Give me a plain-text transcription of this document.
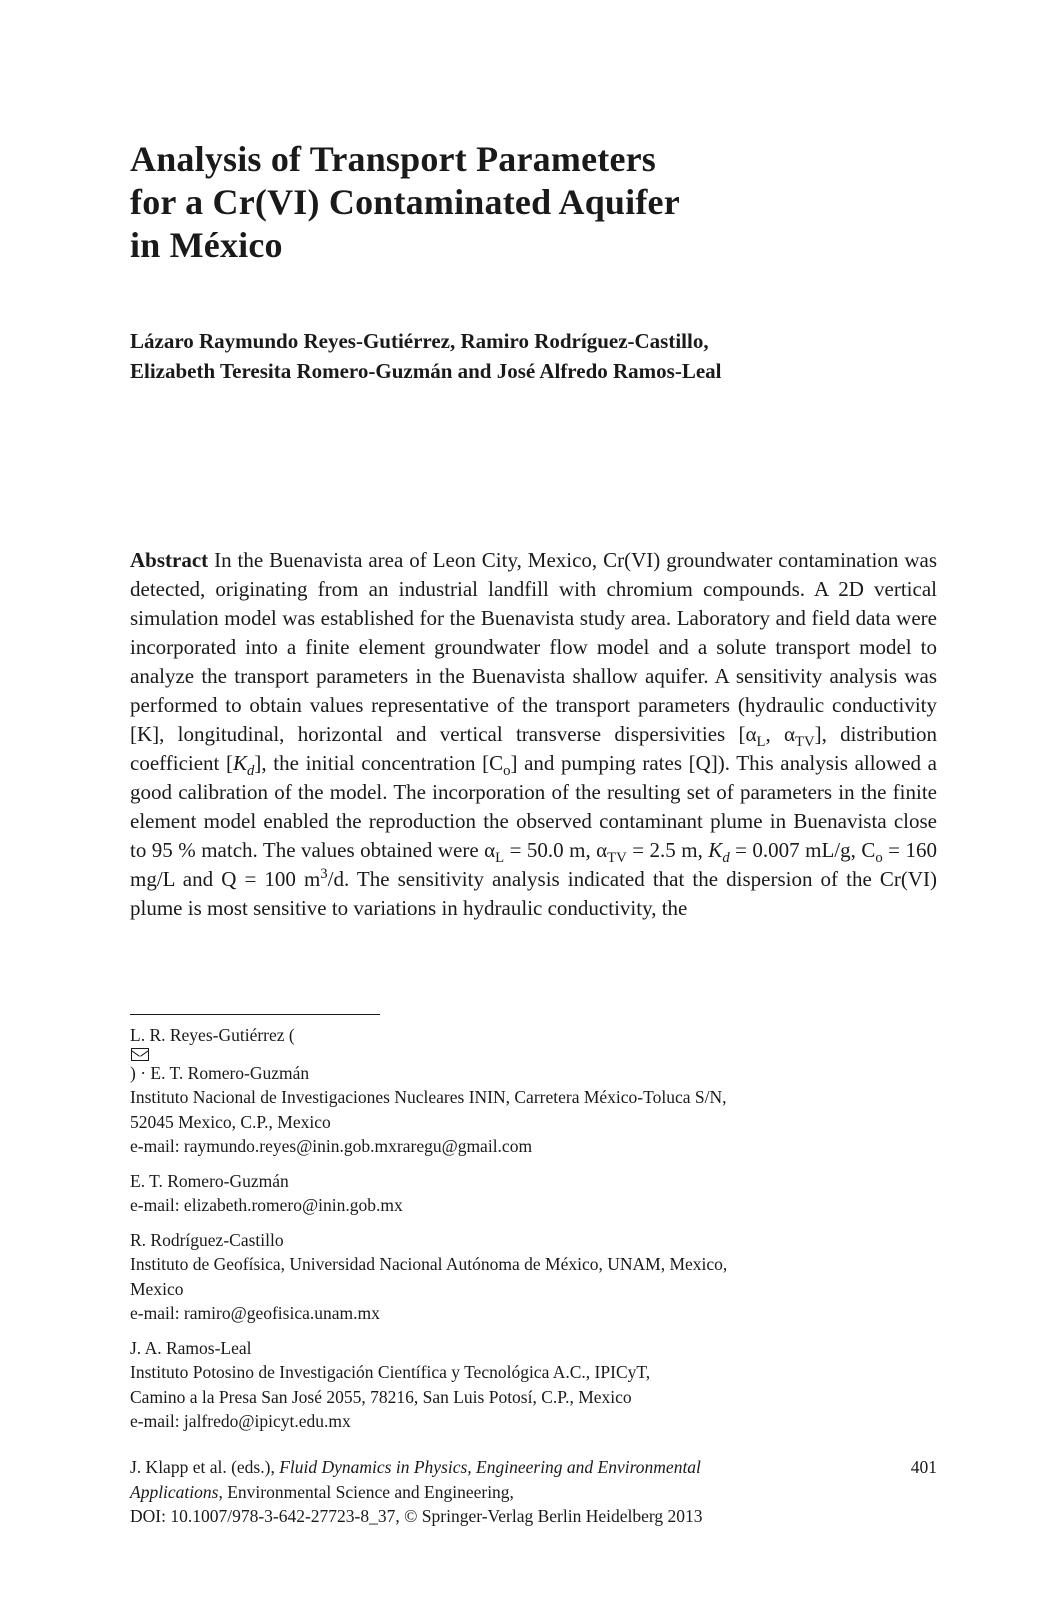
Analysis of Transport Parameters
for a Cr(VI) Contaminated Aquifer
in México

Lázaro Raymundo Reyes-Gutiérrez, Ramiro Rodríguez-Castillo,
Elizabeth Teresita Romero-Guzmán and José Alfredo Ramos-Leal

Abstract In the Buenavista area of Leon City, Mexico, Cr(VI) groundwater contamination was detected, originating from an industrial landfill with chromium compounds. A 2D vertical simulation model was established for the Buenavista study area. Laboratory and field data were incorporated into a finite element groundwater flow model and a solute transport model to analyze the transport parameters in the Buenavista shallow aquifer. A sensitivity analysis was performed to obtain values representative of the transport parameters (hydraulic conductivity [K], longitudinal, horizontal and vertical transverse dispersivities [$\alpha_L$, $\alpha_{TV}$], distribution coefficient $[K_d]$, the initial concentration $[C_o]$ and pumping rates [Q]). This analysis allowed a good calibration of the model. The incorporation of the resulting set of parameters in the finite element model enabled the reproduction the observed contaminant plume in Buenavista close to 95 % match. The values obtained were $\alpha_L = 50.0$ m, $\alpha_{TV} = 2.5$ m, $K_d = 0.007$ mL/g, $C_o = 160$ mg/L and Q = 100 $m^3/d$. The sensitivity analysis indicated that the dispersion of the Cr(VI) plume is most sensitive to variations in hydraulic conductivity, the

L. R. Reyes-Gutiérrez (
) · E. T. Romero-Guzmán
Instituto Nacional de Investigaciones Nucleares ININ, Carretera México-Toluca S/N,
52045 Mexico, C.P., Mexico
e-mail: raymundo.reyes@inin.gob.mxraregu@gmail.com

E. T. Romero-Guzmán
e-mail: elizabeth.romero@inin.gob.mx

R. Rodríguez-Castillo
Instituto de Geofísica, Universidad Nacional Autónoma de México, UNAM, Mexico,
Mexico
e-mail: ramiro@geofisica.unam.mx

J. A. Ramos-Leal
Instituto Potosino de Investigación Científica y Tecnológica A.C., IPICyT,
Camino a la Presa San José 2055, 78216, San Luis Potosí, C.P., Mexico
e-mail: jalfredo@ipicyt.edu.mx

J. Klapp et al. (eds.), Fluid Dynamics in Physics, Engineering and Environmental
Applications, Environmental Science and Engineering,
DOI: 10.1007/978-3-642-27723-8_37, © Springer-Verlag Berlin Heidelberg 2013
401
